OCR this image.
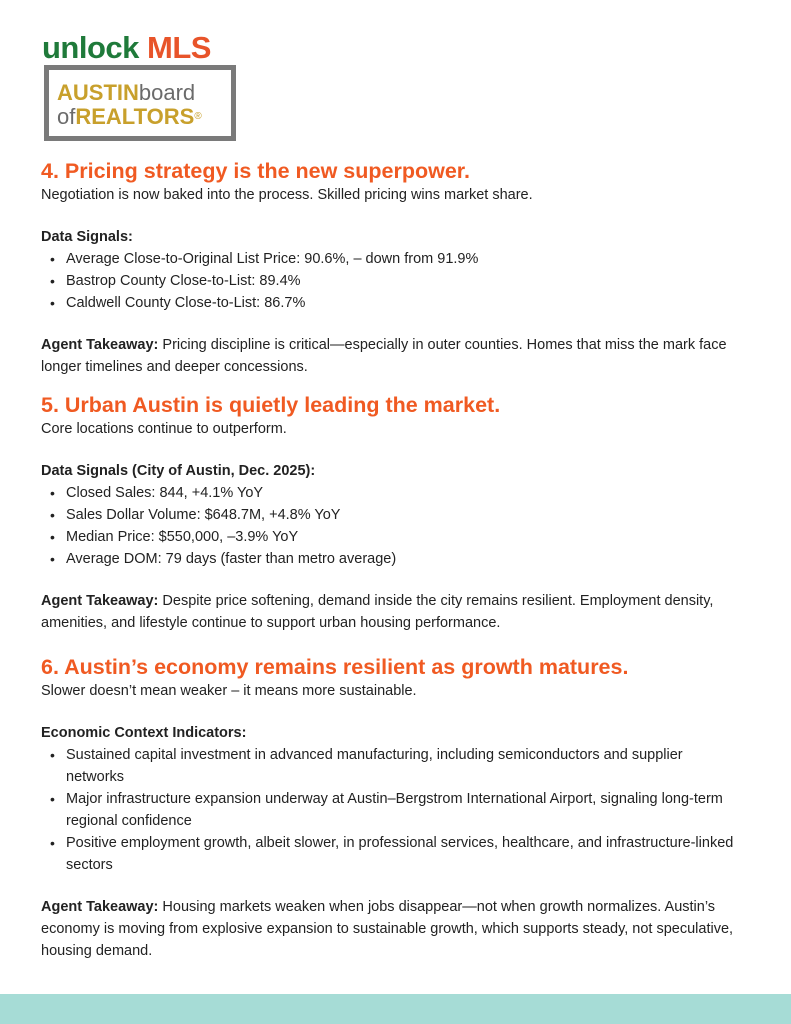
unlock MLS
AUSTINboard
ofREALTORS®
4. Pricing strategy is the new superpower.

Negotiation is now baked into the process. Skilled pricing wins market share.

Data Signals:
• Average Close-to-Original List Price: 90.6%, – down from 91.9%
• Bastrop County Close-to-List: 89.4%
• Caldwell County Close-to-List: 86.7%
Agent Takeaway: Pricing discipline is critical—especially in outer counties. Homes that miss the mark face longer timelines and deeper concessions.
5. Urban Austin is quietly leading the market.

Core locations continue to outperform.

Data Signals (City of Austin, Dec. 2025):
• Closed Sales: 844, +4.1% YoY
• Sales Dollar Volume: $648.7M, +4.8% YoY
• Median Price: $550,000, –3.9% YoY
• Average DOM: 79 days (faster than metro average)
Agent Takeaway: Despite price softening, demand inside the city remains resilient. Employment density, amenities, and lifestyle continue to support urban housing performance.
6. Austin’s economy remains resilient as growth matures.

Slower doesn’t mean weaker – it means more sustainable.

Economic Context Indicators:
• Sustained capital investment in advanced manufacturing, including semiconductors and supplier networks
• Major infrastructure expansion underway at Austin–Bergstrom International Airport, signaling long-term regional confidence
• Positive employment growth, albeit slower, in professional services, healthcare, and infrastructure-linked sectors
Agent Takeaway: Housing markets weaken when jobs disappear—not when growth normalizes. Austin’s economy is moving from explosive expansion to sustainable growth, which supports steady, not speculative, housing demand.
